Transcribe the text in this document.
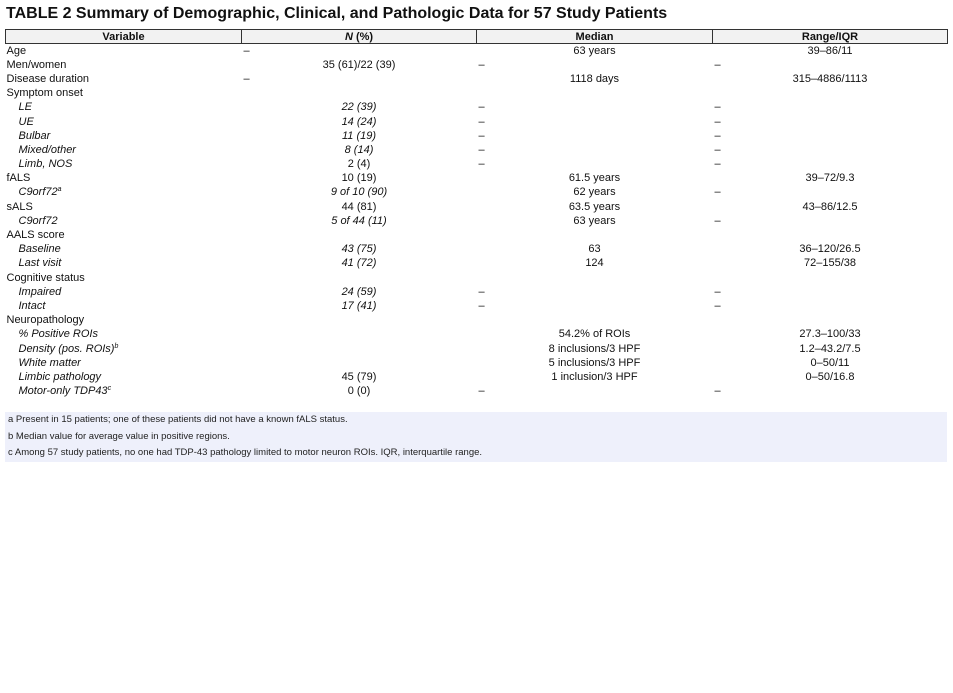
TABLE 2 Summary of Demographic, Clinical, and Pathologic Data for 57 Study Patients
Variable	N (%)	Median	Range/IQR
Age	–	63 years	39–86/11
Men/women	35 (61)/22 (39)	–	–

Disease duration	–	1118 days	315–4886/1113
Symptom onset			
LE	22 (39)	–	–

UE	14 (24)	–	–

Bulbar	11 (19)	–	–

Mixed/other	8 (14)	–	–

Limb, NOS	2 (4)	–	–

fALS	10 (19)	61.5 years	39–72/9.3
C9orf72$^a$	9 of 10 (90)	62 years	–

sALS	44 (81)	63.5 years	43–86/12.5
C9orf72	5 of 44 (11)	63 years	–

AALS score			
Baseline	43 (75)	63	36–120/26.5
Last visit	41 (72)	124	72–155/38
Cognitive status			
Impaired	24 (59)	–	–

Intact	17 (41)	–	–

Neuropathology			
% Positive ROIs		54.2% of ROIs	27.3–100/33
Density (pos. ROIs)$^b$		8 inclusions/3 HPF	1.2–43.2/7.5
White matter		5 inclusions/3 HPF	0–50/11
Limbic pathology	45 (79)	1 inclusion/3 HPF	0–50/16.8
Motor-only TDP43$^c$	0 (0)	–	–
a Present in 15 patients; one of these patients did not have a known fALS status.
b Median value for average value in positive regions.
c Among 57 study patients, no one had TDP-43 pathology limited to motor neuron ROIs. IQR, interquartile range.
